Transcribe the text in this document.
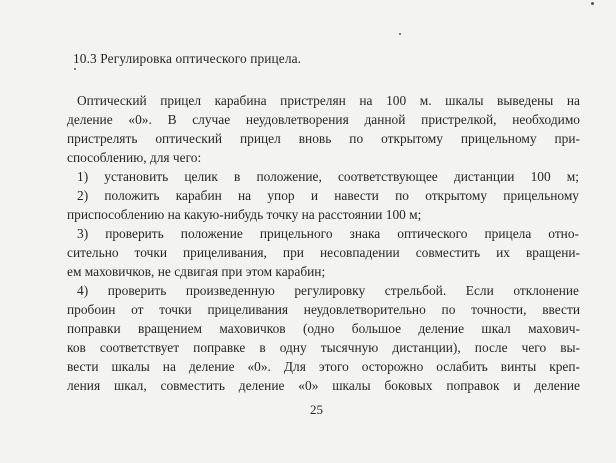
10.3 Регулировка оптического прицела.
Оптический прицел карабина пристрелян на 100 м. шкалы выведены на
деление «0». В случае неудовлетворения данной пристрелкой, необходимо
пристрелять оптический прицел вновь по открытому прицельному при-
способлению, для чего:
1) установить целик в положение, соответствующее дистанции 100 м;
2) положить карабин на упор и навести по открытому прицельному
приспособлению на какую-нибудь точку на расстоянии 100 м;
3) проверить положение прицельного знака оптического прицела отно-
сительно точки прицеливания, при несовпадении совместить их вращени-
ем маховичков, не сдвигая при этом карабин;
4) проверить произведенную регулировку стрельбой. Если отклонение
пробоин от точки прицеливания неудовлетворительно по точности, ввести
поправки вращением маховичков (одно большое деление шкал махович-
ков соответствует поправке в одну тысячную дистанции), после чего вы-
вести шкалы на деление «0». Для этого осторожно ослабить винты креп-
ления шкал, совместить деление «0» шкалы боковых поправок и деление
25
